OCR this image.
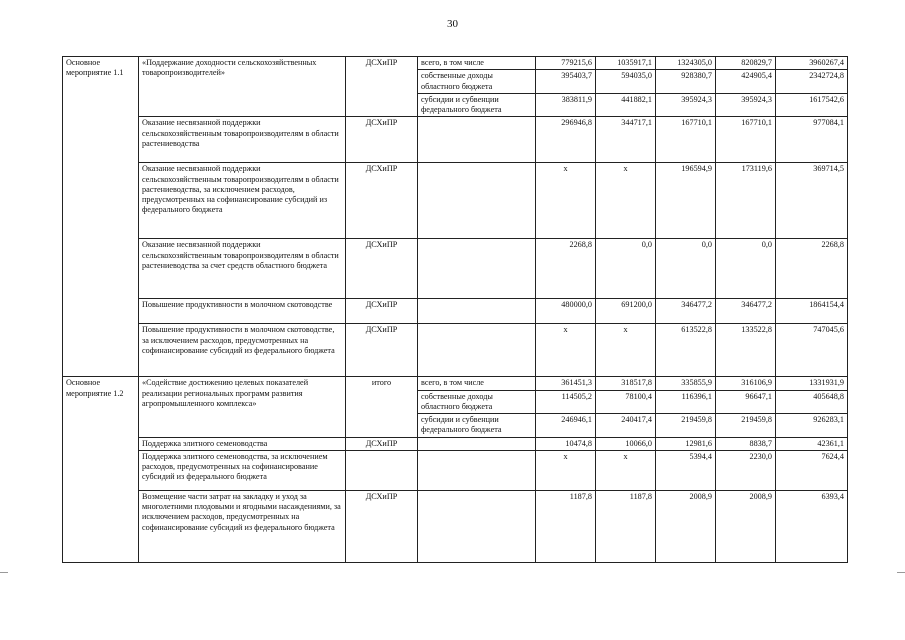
30
Основное мероприятие 1.1	«Поддержание доходности сельскохозяйственных товаропроизводителей»	ДСХиПР	всего, в том числе	779215,6	1035917,1	1324305,0	820829,7	3960267,4
			собственные доходы областного бюджета	395403,7	594035,0	928380,7	424905,4	2342724,8
			субсидии и субвенции федерального бюджета	383811,9	441882,1	395924,3	395924,3	1617542,6
	Оказание несвязанной поддержки сельскохозяйственным товаропроизводителям в области растениеводства	ДСХиПР		296946,8	344717,1	167710,1	167710,1	977084,1
	Оказание несвязанной поддержки сельскохозяйственным товаропроизводителям в области растениеводства, за исключением расходов, предусмотренных на софинансирование субсидий из федерального бюджета	ДСХиПР		х	х	196594,9	173119,6	369714,5
	Оказание несвязанной поддержки сельскохозяйственным товаропроизводителям в области растениеводства за счет средств областного бюджета	ДСХиПР		2268,8	0,0	0,0	0,0	2268,8
	Повышение продуктивности в молочном скотоводстве	ДСХиПР		480000,0	691200,0	346477,2	346477,2	1864154,4
	Повышение продуктивности в молочном скотоводстве, за исключением расходов, предусмотренных на софинансирование субсидий из федерального бюджета	ДСХиПР		х	х	613522,8	133522,8	747045,6
Основное мероприятие 1.2	«Содействие достижению целевых показателей реализации региональных программ развития агропромышленного комплекса»	итого	всего, в том числе	361451,3	318517,8	335855,9	316106,9	1331931,9
			собственные доходы областного бюджета	114505,2	78100,4	116396,1	96647,1	405648,8
			субсидии и субвенции федерального бюджета	246946,1	240417,4	219459,8	219459,8	926283,1
	Поддержка элитного семеноводства	ДСХиПР		10474,8	10066,0	12981,6	8838,7	42361,1
	Поддержка элитного семеноводства, за исключением расходов, предусмотренных на софинансирование субсидий из федерального бюджета			х	х	5394,4	2230,0	7624,4
	Возмещение части затрат на закладку и уход за многолетними плодовыми и ягодными насаждениями, за исключением расходов, предусмотренных на софинансирование субсидий из федерального бюджета	ДСХиПР		1187,8	1187,8	2008,9	2008,9	6393,4
